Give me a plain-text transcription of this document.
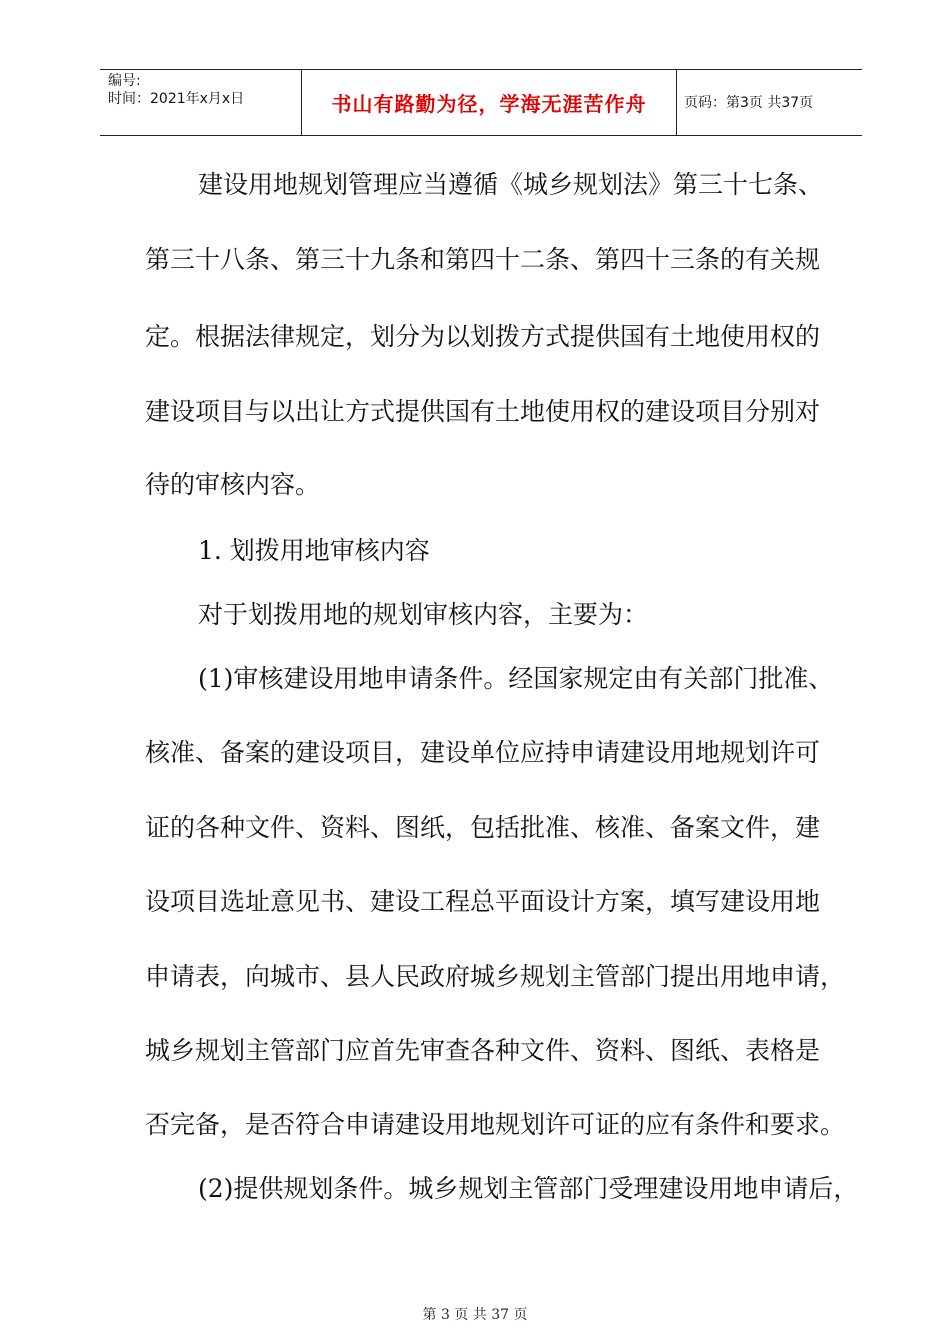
编号:
时间：2021年x月x日	书山有路勤为径，学海无涯苦作舟	页码：第3页 共37页
建设用地规划管理应当遵循《城乡规划法》第三十七条、
第三十八条、第三十九条和第四十二条、第四十三条的有关规
定。根据法律规定，划分为以划拨方式提供国有土地使用权的
建设项目与以出让方式提供国有土地使用权的建设项目分别对
待的审核内容。
1. 划拨用地审核内容
对于划拨用地的规划审核内容，主要为：
(1)审核建设用地申请条件。经国家规定由有关部门批准、
核准、备案的建设项目，建设单位应持申请建设用地规划许可
证的各种文件、资料、图纸，包括批准、核准、备案文件，建
设项目选址意见书、建设工程总平面设计方案，填写建设用地
申请表，向城市、县人民政府城乡规划主管部门提出用地申请，
城乡规划主管部门应首先审查各种文件、资料、图纸、表格是
否完备，是否符合申请建设用地规划许可证的应有条件和要求。
(2)提供规划条件。城乡规划主管部门受理建设用地申请后，
第 3 页 共 37 页
